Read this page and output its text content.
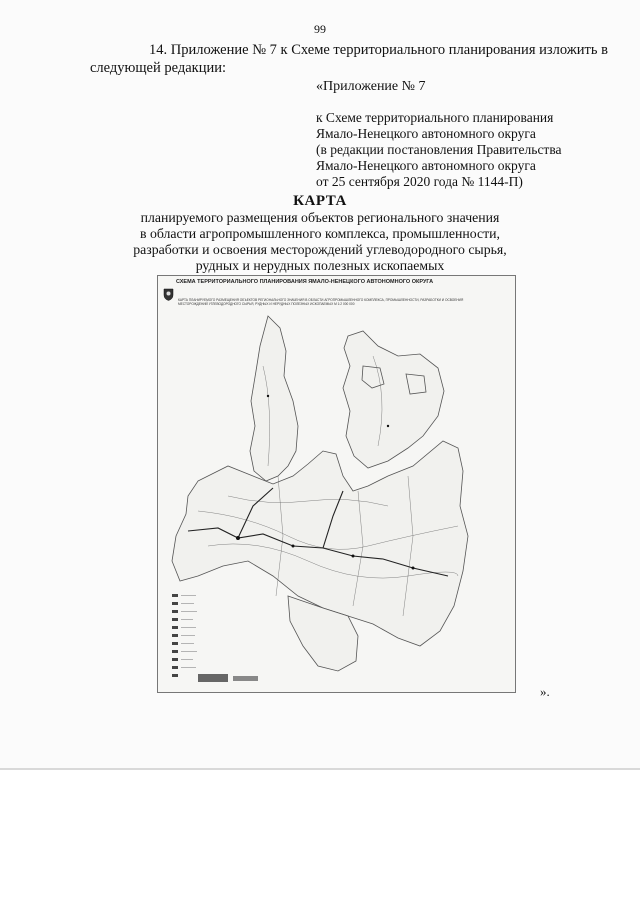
99
14. Приложение № 7 к Схеме территориального планирования изложить в
следующей редакции:
«Приложение № 7
к Схеме территориального планирования
Ямало-Ненецкого автономного округа
(в редакции постановления Правительства
Ямало-Ненецкого автономного округа
от 25 сентября 2020 года № 1144-П)
КАРТА
планируемого размещения объектов регионального значения
в области агропромышленного комплекса, промышленности,
разработки и освоения месторождений углеводородного сырья,
рудных и нерудных полезных ископаемых
СХЕМА ТЕРРИТОРИАЛЬНОГО ПЛАНИРОВАНИЯ ЯМАЛО-НЕНЕЦКОГО АВТОНОМНОГО ОКРУГА
КАРТА ПЛАНИРУЕМОГО РАЗМЕЩЕНИЯ ОБЪЕКТОВ РЕГИОНАЛЬНОГО ЗНАЧЕНИЯ В ОБЛАСТИ АГРОПРОМЫШЛЕННОГО КОМПЛЕКСА, ПРОМЫШЛЕННОСТИ, РАЗРАБОТКИ И ОСВОЕНИЯ МЕСТОРОЖДЕНИЙ УГЛЕВОДОРОДНОГО СЫРЬЯ, РУДНЫХ И НЕРУДНЫХ ПОЛЕЗНЫХ ИСКОПАЕМЫХ М 1:2 000 000
».
